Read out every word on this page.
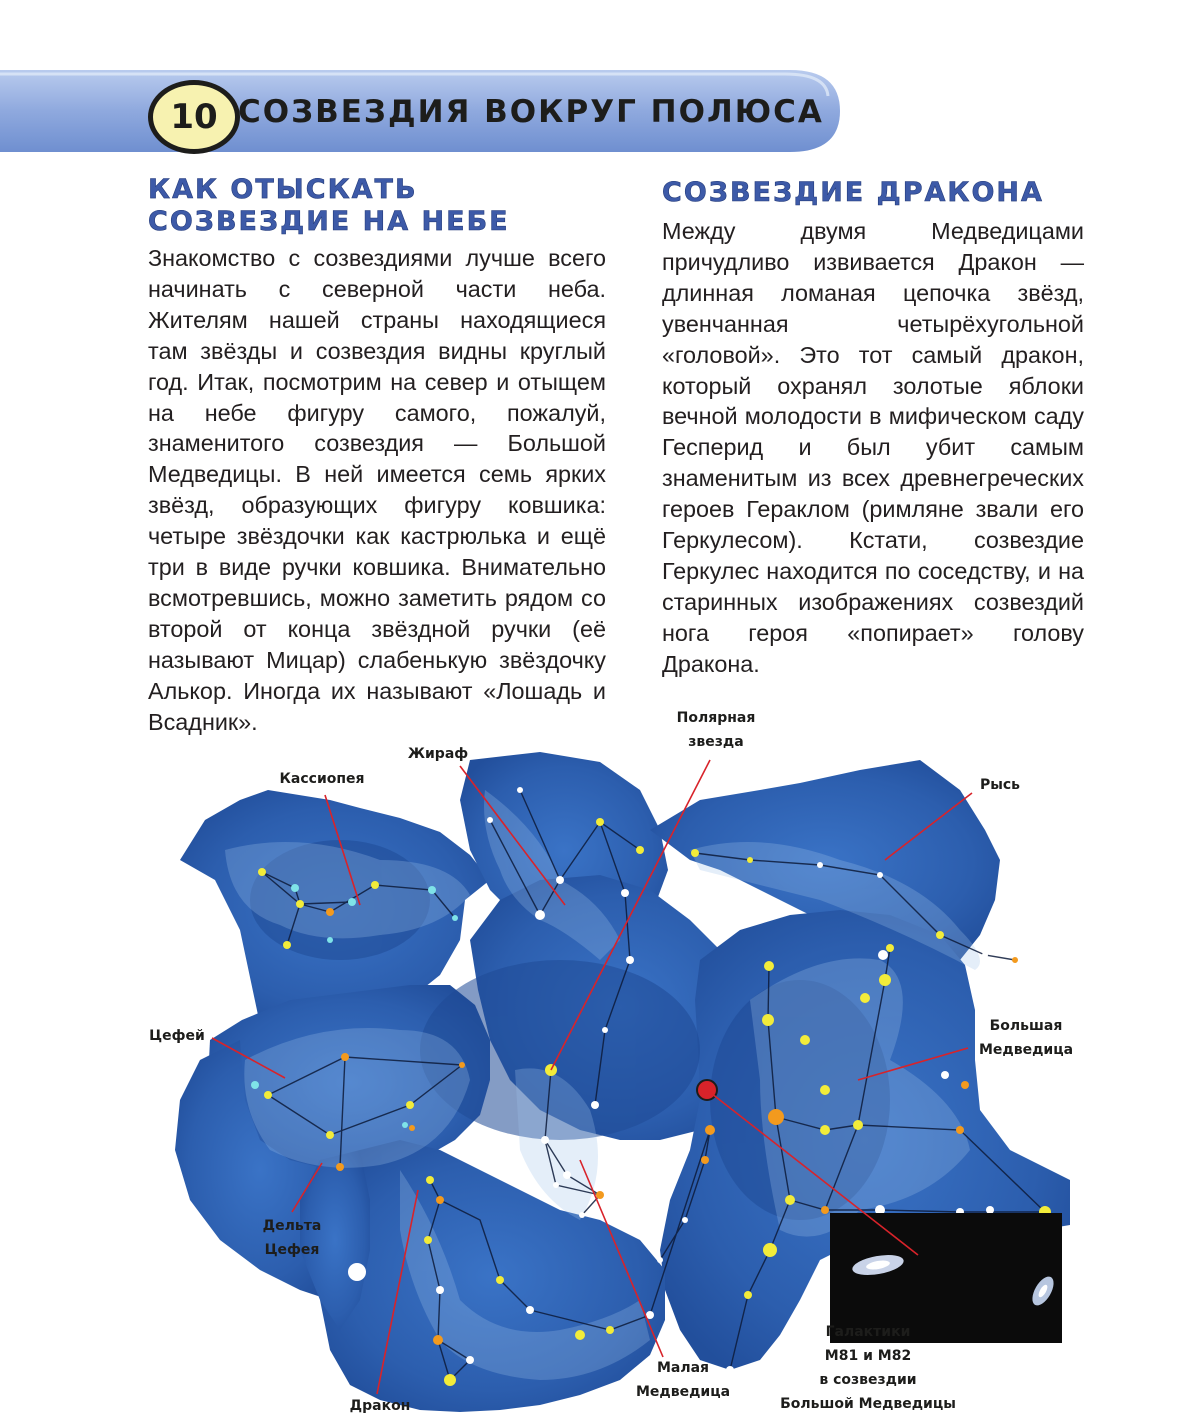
10 СОЗВЕЗДИЯ ВОКРУГ ПОЛЮСА
КАК ОТЫСКАТЬ
СОЗВЕЗДИЕ НА НЕБЕ
Знакомство с созвездиями лучше всего начинать с северной части неба. Жителям нашей страны находящиеся там звёзды и созвездия видны круглый год. Итак, посмотрим на север и отыщем на небе фигуру самого, пожалуй, знаменитого созвездия — Большой Медведицы. В ней имеется семь ярких звёзд, образующих фигуру ковшика: четыре звёздочки как кастрюлька и ещё три в виде ручки ковшика. Внимательно всмотревшись, можно заметить рядом со второй от конца звёздной ручки (её называют Мицар) слабенькую звёздочку Алькор. Иногда их называют «Лошадь и Всадник».
СОЗВЕЗДИЕ ДРАКОНА
Между двумя Медведицами причудливо извивается Дракон — длинная ломаная цепочка звёзд, увенчанная четырёхугольной «головой». Это тот самый дракон, который охранял золотые яблоки вечной молодости в мифическом саду Гесперид и был убит самым знаменитым из всех древнегреческих героев Гераклом (римляне звали его Геркулесом). Кстати, созвездие Геркулес находится по соседству, и на старинных изображениях созвездий нога героя «попирает» голову Дракона.
Полярная
звезда
Жираф
Кассиопея	Рысь
Цефей
Большая
Медведица
Дельта
Цефея
Малая
Медведица
Дракон
Галактики
M81 и M82
в созвездии
Большой Медведицы
